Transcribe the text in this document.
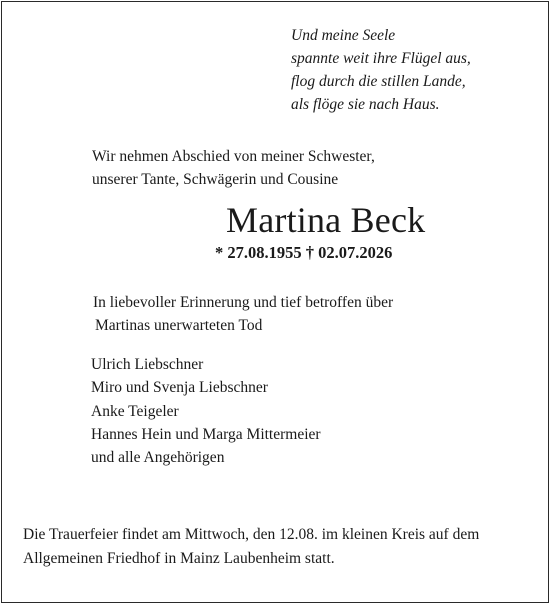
Und meine Seele
spannte weit ihre Flügel aus,
flog durch die stillen Lande,
als flöge sie nach Haus.
Wir nehmen Abschied von meiner Schwester,
unserer Tante, Schwägerin und Cousine
Martina Beck
* 27.08.1955 † 02.07.2026
In liebevoller Erinnerung und tief betroffen über
Martinas unerwarteten Tod
Ulrich Liebschner
Miro und Svenja Liebschner
Anke Teigeler
Hannes Hein und Marga Mittermeier
und alle Angehörigen
Die Trauerfeier findet am Mittwoch, den 12.08. im kleinen Kreis auf dem
Allgemeinen Friedhof in Mainz Laubenheim statt.
